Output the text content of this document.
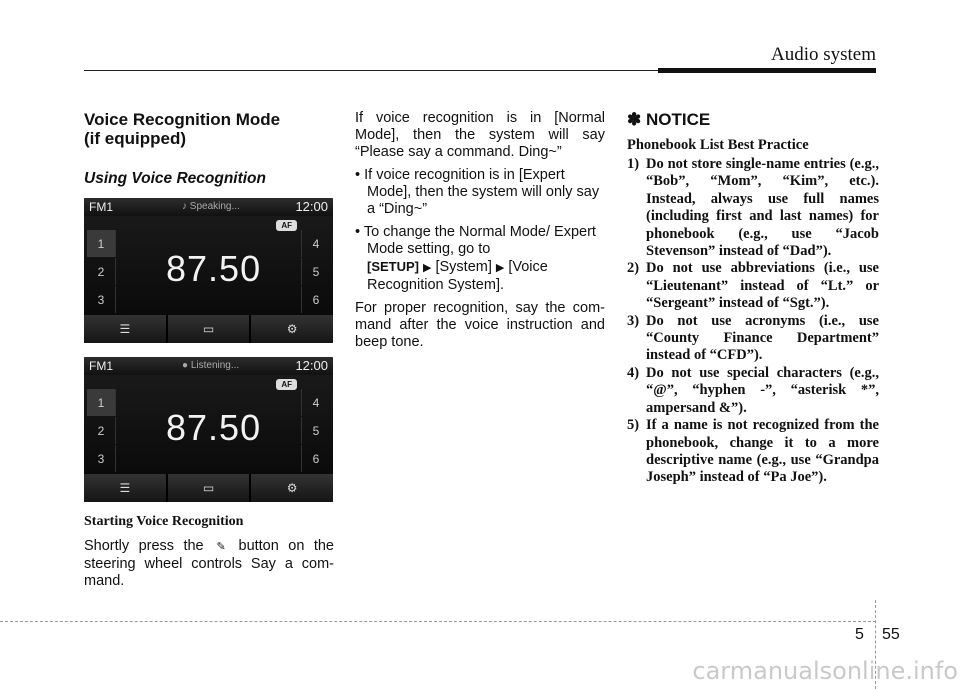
Audio system
Voice Recognition Mode
(if equipped)
Using Voice Recognition
FM1	♪ Speaking...	12:00
AF
1
2
3
4
5
6
87.50
☰	▭	⚙
FM1	● Listening...	12:00
AF
1
2
3
4
5
6
87.50
☰	▭	⚙
Starting Voice Recognition

Shortly press the ✎ button on the steering wheel controls Say a com-mand.

If voice recognition is in [Normal Mode], then the system will say “Please say a command. Ding~”

• If voice recognition is in [Expert Mode], then the system will only say a “Ding~”
• To change the Normal Mode/ Expert Mode setting, go to [SETUP] ▶ [System] ▶ [Voice Recognition System].

For proper recognition, say the com-mand after the voice instruction and beep tone.

✽ NOTICE
Phonebook List Best Practice
1) Do not store single-name entries (e.g., “Bob”, “Mom”, “Kim”, etc.). Instead, always use full names (including first and last names) for phonebook (e.g., use “Jacob Stevenson” instead of “Dad”).
2) Do not use abbreviations (i.e., use “Lieutenant” instead of “Lt.” or “Sergeant” instead of “Sgt.”).
3) Do not use acronyms (i.e., use “County Finance Department” instead of “CFD”).
4) Do not use special characters (e.g., “@”, “hyphen -”, “asterisk *”, ampersand &”).
5) If a name is not recognized from the phonebook, change it to a more descriptive name (e.g., use “Grandpa Joseph” instead of “Pa Joe”).
5 55
carmanualsonline.info
